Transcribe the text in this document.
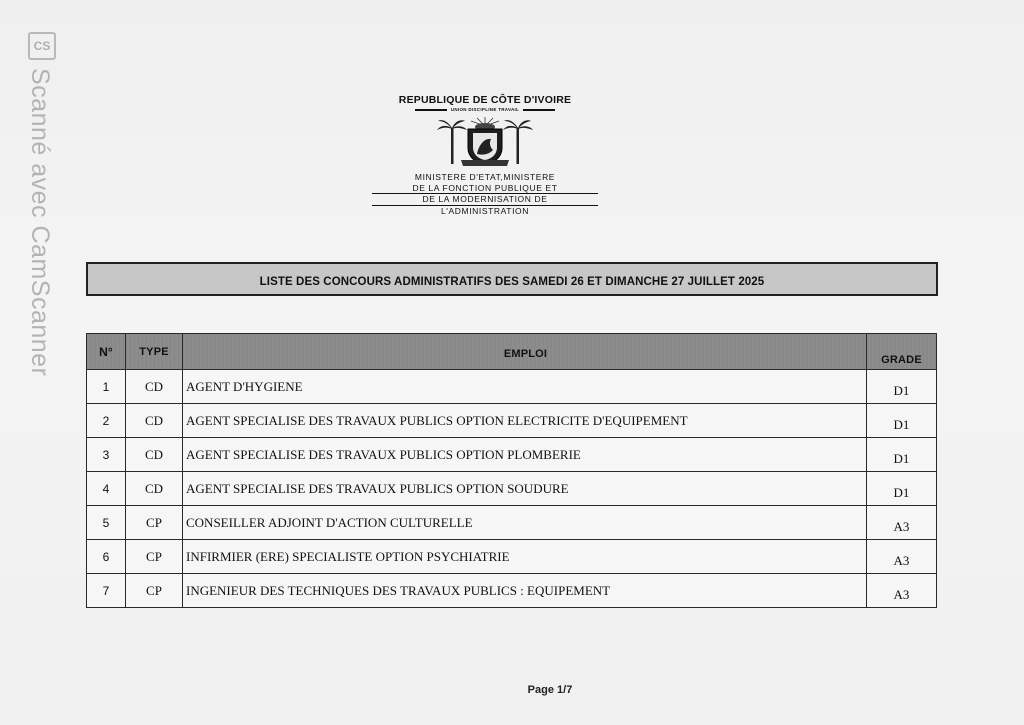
CS
Scanné avec CamScanner	REPUBLIQUE DE CÔTE D'IVOIRE
UNION DISCIPLINE TRAVAIL
MINISTERE D'ETAT,MINISTERE
DE LA FONCTION PUBLIQUE ET
DE LA MODERNISATION DE
L'ADMINISTRATION
LISTE DES CONCOURS ADMINISTRATIFS DES SAMEDI 26 ET DIMANCHE 27 JUILLET 2025
N°	TYPE	EMPLOI	GRADE
1	CD	AGENT D'HYGIENE	D1
2	CD	AGENT SPECIALISE DES TRAVAUX PUBLICS OPTION ELECTRICITE D'EQUIPEMENT	D1
3	CD	AGENT SPECIALISE DES TRAVAUX PUBLICS OPTION PLOMBERIE	D1
4	CD	AGENT SPECIALISE DES TRAVAUX PUBLICS OPTION SOUDURE	D1
5	CP	CONSEILLER ADJOINT D'ACTION CULTURELLE	A3
6	CP	INFIRMIER (ERE) SPECIALISTE OPTION PSYCHIATRIE	A3
7	CP	INGENIEUR DES TECHNIQUES DES TRAVAUX PUBLICS : EQUIPEMENT	A3
Page 1/7
